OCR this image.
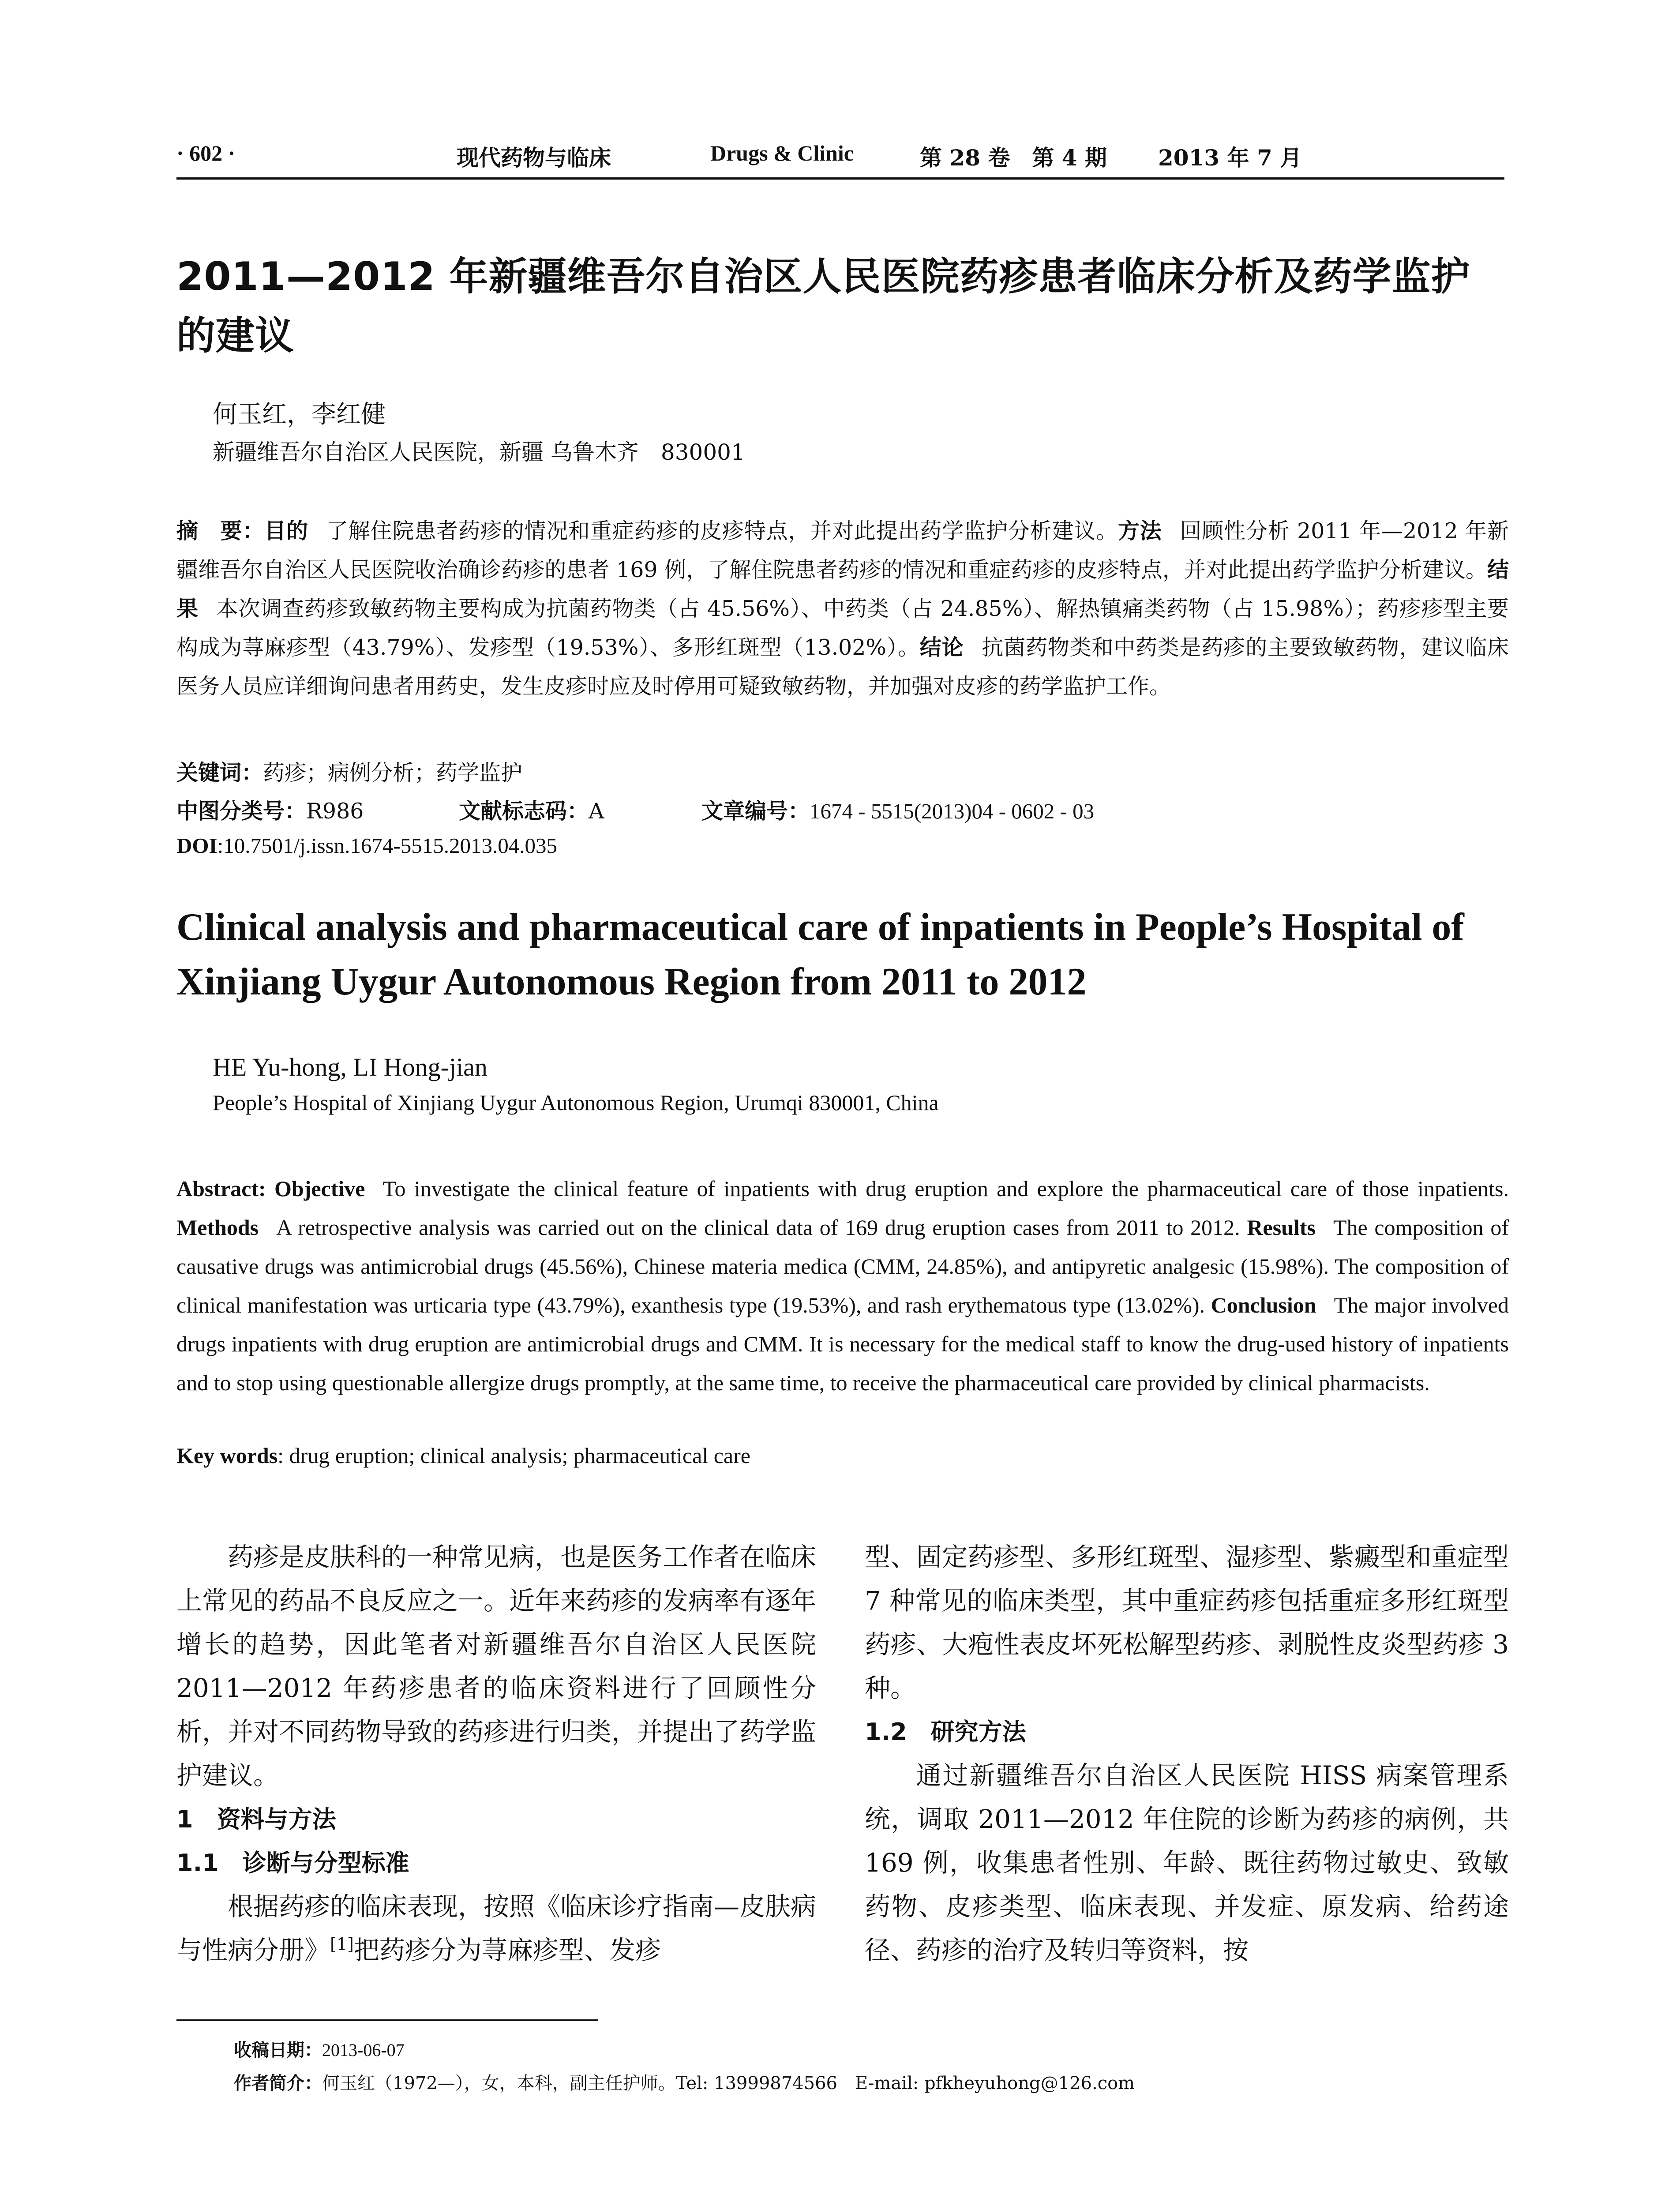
· 602 ·	现代药物与临床	Drugs & Clinic	第 28 卷　第 4 期 2013 年 7 月
2011—2012 年新疆维吾尔自治区人民医院药疹患者临床分析及药学监护的建议
何玉红，李红健
新疆维吾尔自治区人民医院，新疆 乌鲁木齐　830001
摘　要：目的 了解住院患者药疹的情况和重症药疹的皮疹特点，并对此提出药学监护分析建议。方法 回顾性分析 2011 年—2012 年新疆维吾尔自治区人民医院收治确诊药疹的患者 169 例，了解住院患者药疹的情况和重症药疹的皮疹特点，并对此提出药学监护分析建议。结果 本次调查药疹致敏药物主要构成为抗菌药物类（占 45.56%）、中药类（占 24.85%）、解热镇痛类药物（占 15.98%）；药疹疹型主要构成为荨麻疹型（43.79%）、发疹型（19.53%）、多形红斑型（13.02%）。结论 抗菌药物类和中药类是药疹的主要致敏药物，建议临床医务人员应详细询问患者用药史，发生皮疹时应及时停用可疑致敏药物，并加强对皮疹的药学监护工作。
关键词：药疹；病例分析；药学监护
中图分类号：R986	文献标志码：A	文章编号：1674 - 5515(2013)04 - 0602 - 03
DOI:10.7501/j.issn.1674-5515.2013.04.035
Clinical analysis and pharmaceutical care of inpatients in People’s Hospital of Xinjiang Uygur Autonomous Region from 2011 to 2012
HE Yu-hong, LI Hong-jian
People’s Hospital of Xinjiang Uygur Autonomous Region, Urumqi 830001, China
Abstract: Objective To investigate the clinical feature of inpatients with drug eruption and explore the pharmaceutical care of those inpatients. Methods A retrospective analysis was carried out on the clinical data of 169 drug eruption cases from 2011 to 2012. Results The composition of causative drugs was antimicrobial drugs (45.56%), Chinese materia medica (CMM, 24.85%), and antipyretic analgesic (15.98%). The composition of clinical manifestation was urticaria type (43.79%), exanthesis type (19.53%), and rash erythematous type (13.02%). Conclusion The major involved drugs inpatients with drug eruption are antimicrobial drugs and CMM. It is necessary for the medical staff to know the drug-used history of inpatients and to stop using questionable allergize drugs promptly, at the same time, to receive the pharmaceutical care provided by clinical pharmacists.
Key words: drug eruption; clinical analysis; pharmaceutical care
药疹是皮肤科的一种常见病，也是医务工作者在临床上常见的药品不良反应之一。近年来药疹的发病率有逐年增长的趋势，因此笔者对新疆维吾尔自治区人民医院 2011—2012 年药疹患者的临床资料进行了回顾性分析，并对不同药物导致的药疹进行归类，并提出了药学监护建议。
1　资料与方法
1.1　诊断与分型标准
根据药疹的临床表现，按照《临床诊疗指南—皮肤病与性病分册》[1]把药疹分为荨麻疹型、发疹
型、固定药疹型、多形红斑型、湿疹型、紫癜型和重症型 7 种常见的临床类型，其中重症药疹包括重症多形红斑型药疹、大疱性表皮坏死松解型药疹、剥脱性皮炎型药疹 3 种。
1.2　研究方法
通过新疆维吾尔自治区人民医院 HISS 病案管理系统，调取 2011—2012 年住院的诊断为药疹的病例，共 169 例，收集患者性别、年龄、既往药物过敏史、致敏药物、皮疹类型、临床表现、并发症、原发病、给药途径、药疹的治疗及转归等资料，按
收稿日期：2013-06-07
作者简介：何玉红（1972—），女，本科，副主任护师。Tel: 13999874566　E-mail: pfkheyuhong@126.com
